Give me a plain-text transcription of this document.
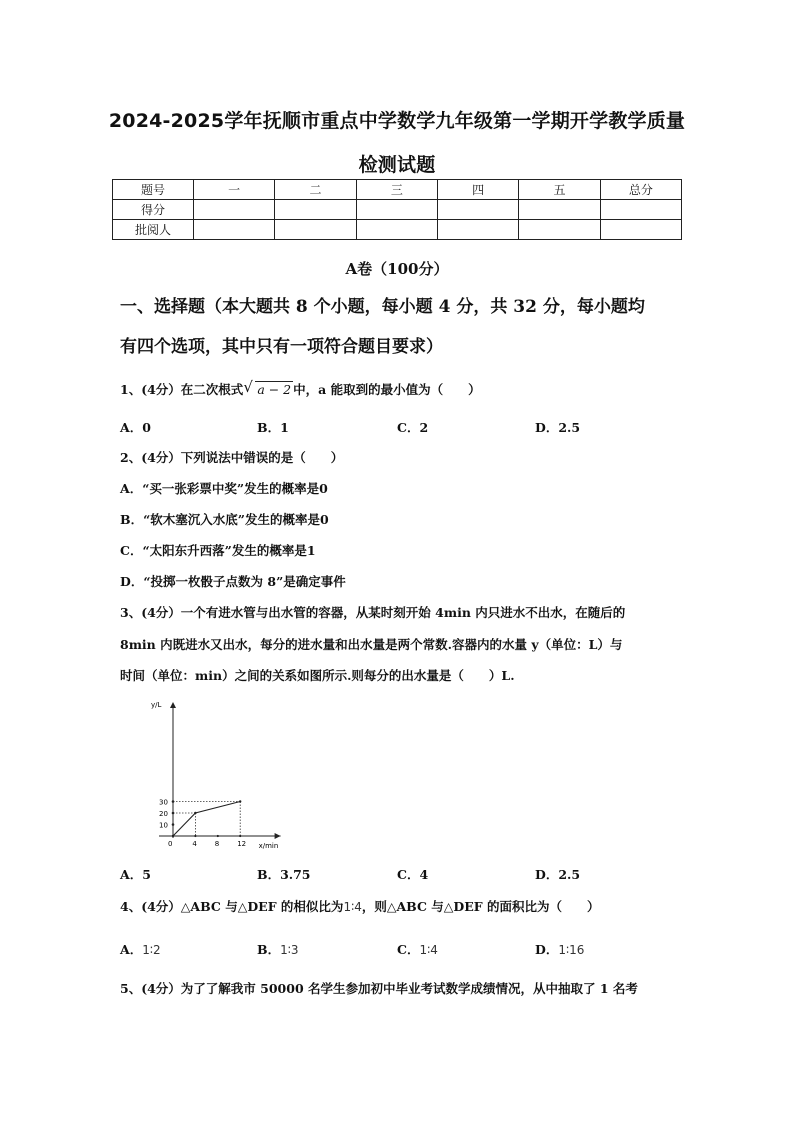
2024-2025学年抚顺市重点中学数学九年级第一学期开学教学质量
检测试题
题号	一	二	三	四	五	总分
得分						
批阅人						
A卷（100分）
一、选择题（本大题共 8 个小题，每小题 4 分，共 32 分，每小题均
有四个选项，其中只有一项符合题目要求）
1、(4分）在二次根式 √ a − 2 中，a 能取到的最小值为（　　）
A．0	B．1	C．2	D．2.5
2、(4分）下列说法中错误的是（　　）
A．“买一张彩票中奖”发生的概率是0
B．“软木塞沉入水底”发生的概率是0
C．“太阳东升西落”发生的概率是1
D．“投掷一枚骰子点数为 8”是确定事件
3、(4分）一个有进水管与出水管的容器，从某时刻开始 4min 内只进水不出水，在随后的
8min 内既进水又出水，每分的进水量和出水量是两个常数.容器内的水量 y（单位：L）与
时间（单位：min）之间的关系如图所示.则每分的出水量是（　　）L.
x/min
y/L
0	4	8	12
10
20
30
A．5	B．3.75	C．4	D．2.5
4、(4分）△ABC 与△DEF 的相似比为1∶4，则△ABC 与△DEF 的面积比为（　　）
A．1∶2	B．1∶3	C．1∶4	D．1∶16
5、(4分）为了了解我市 50000 名学生参加初中毕业考试数学成绩情况，从中抽取了 1 名考
